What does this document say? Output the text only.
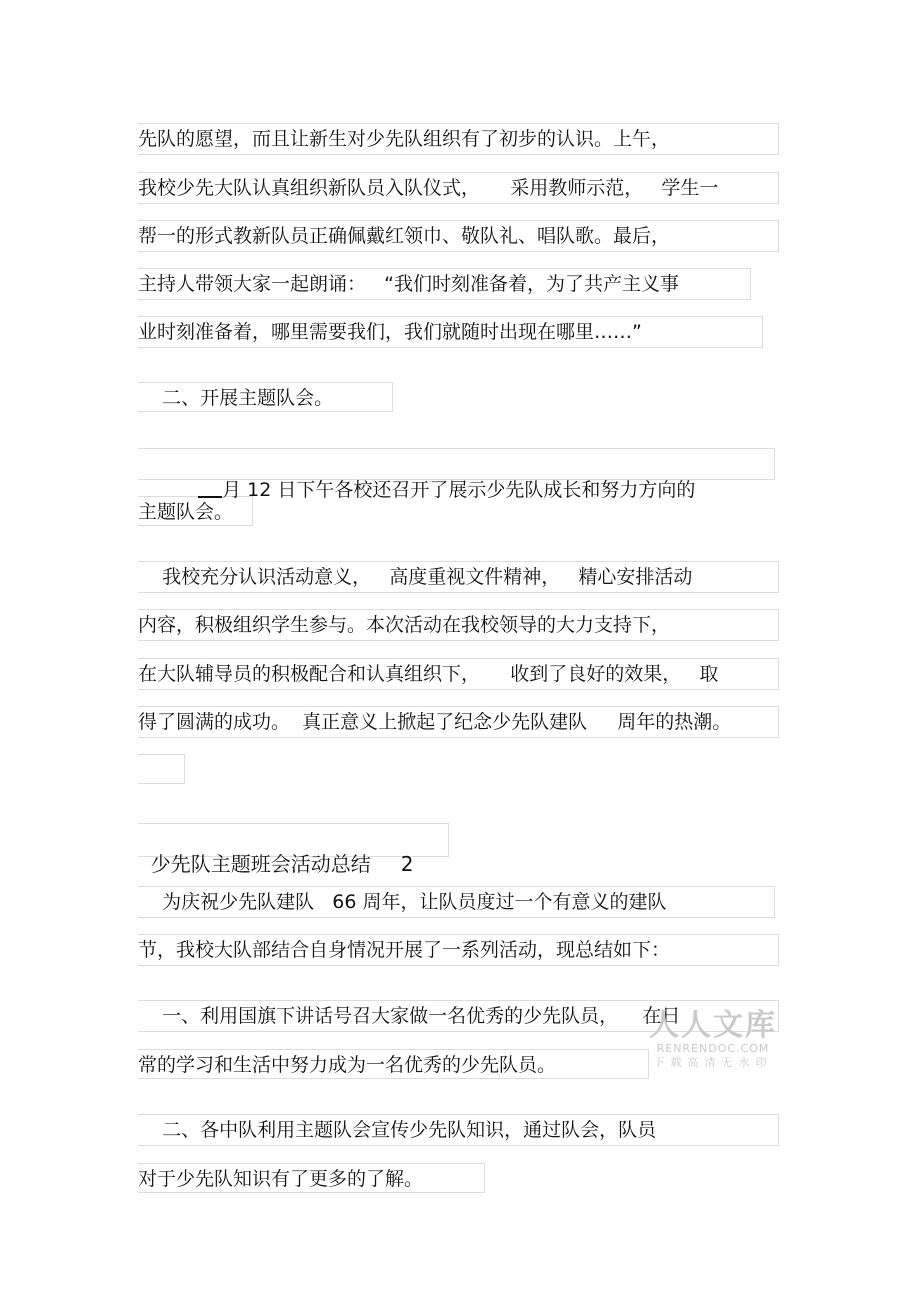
先队的愿望，而且让新生对少先队组织有了初步的认识。上午，
我校少先大队认真组织新队员入队仪式，     采用教师示范，   学生一
帮一的形式教新队员正确佩戴红领巾、敬队礼、唱队歌。最后，
主持人带领大家一起朗诵：   “我们时刻准备着，为了共产主义事
业时刻准备着，哪里需要我们，我们就随时出现在哪里……”
二、开展主题队会。

月 12 日下午各校还召开了展示少先队成长和努力方向的

主题队会。
我校充分认识活动意义，   高度重视文件精神，   精心安排活动
内容，积极组织学生参与。本次活动在我校领导的大力支持下，
在大队辅导员的积极配合和认真组织下，     收到了良好的效果，   取
得了圆满的成功。  真正意义上掀起了纪念少先队建队     周年的热潮。

少先队主题班会活动总结 2

为庆祝少先队建队   66 周年，让队员度过一个有意义的建队
节，我校大队部结合自身情况开展了一系列活动，现总结如下：
一、利用国旗下讲话号召大家做一名优秀的少先队员，    在日
常的学习和生活中努力成为一名优秀的少先队员。
二、各中队利用主题队会宣传少先队知识，通过队会，队员
对于少先队知识有了更多的了解。
人人文库
RENRENDOC.COM
下载高清无水印
